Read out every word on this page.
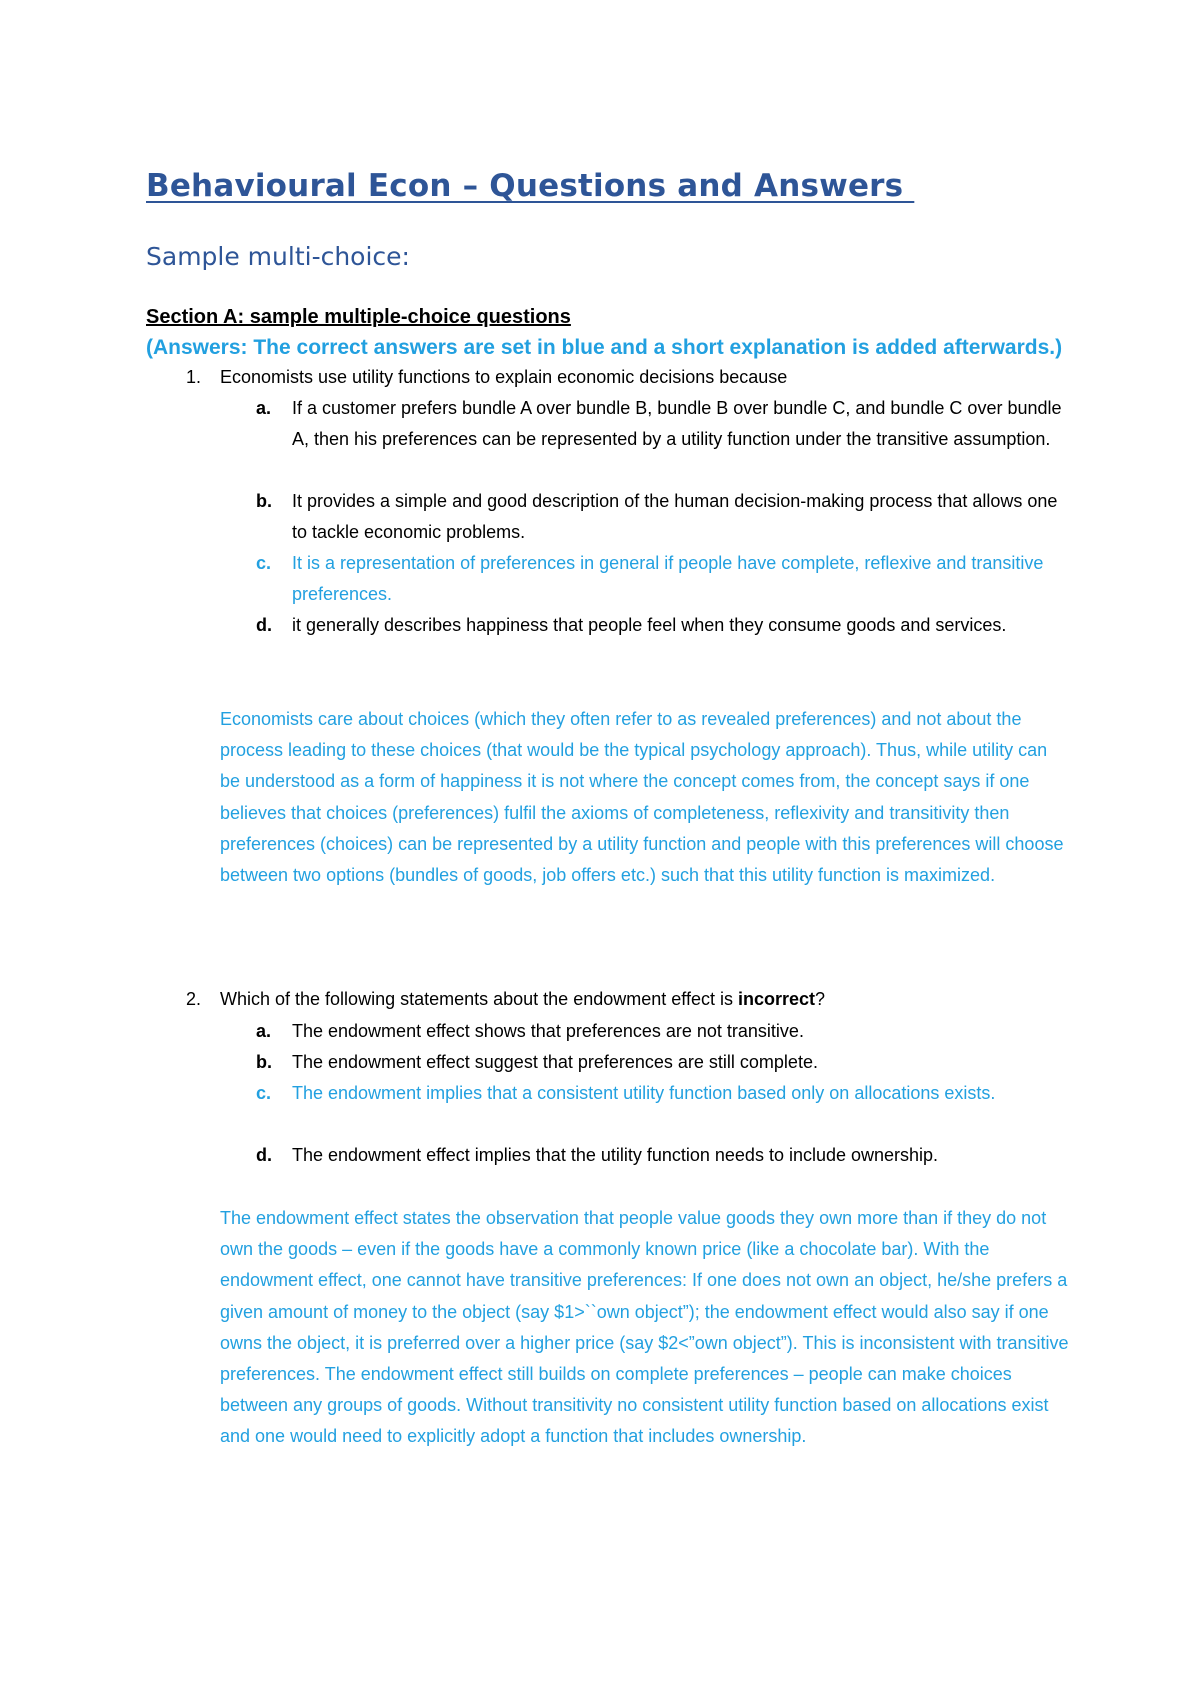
Behavioural Econ – Questions and Answers
Sample multi-choice:
Section A: sample multiple-choice questions
(Answers: The correct answers are set in blue and a short explanation is added afterwards.)
1. Economists use utility functions to explain economic decisions because
a. If a customer prefers bundle A over bundle B, bundle B over bundle C, and bundle C over bundle A, then his preferences can be represented by a utility function under the transitive assumption.
b. It provides a simple and good description of the human decision-making process that allows one to tackle economic problems.
c. It is a representation of preferences in general if people have complete, reflexive and transitive preferences.
d. it generally describes happiness that people feel when they consume goods and services.
Economists care about choices (which they often refer to as revealed preferences) and not about the process leading to these choices (that would be the typical psychology approach). Thus, while utility can be understood as a form of happiness it is not where the concept comes from, the concept says if one believes that choices (preferences) fulfil the axioms of completeness, reflexivity and transitivity then preferences (choices) can be represented by a utility function and people with this preferences will choose between two options (bundles of goods, job offers etc.) such that this utility function is maximized.
2. Which of the following statements about the endowment effect is incorrect?
a. The endowment effect shows that preferences are not transitive.
b. The endowment effect suggest that preferences are still complete.
c. The endowment implies that a consistent utility function based only on allocations exists.
d. The endowment effect implies that the utility function needs to include ownership.
The endowment effect states the observation that people value goods they own more than if they do not own the goods – even if the goods have a commonly known price (like a chocolate bar). With the endowment effect, one cannot have transitive preferences: If one does not own an object, he/she prefers a given amount of money to the object (say $1>``own object”); the endowment effect would also say if one owns the object, it is preferred over a higher price (say $2<”own object”). This is inconsistent with transitive preferences. The endowment effect still builds on complete preferences – people can make choices between any groups of goods. Without transitivity no consistent utility function based on allocations exist and one would need to explicitly adopt a function that includes ownership.
